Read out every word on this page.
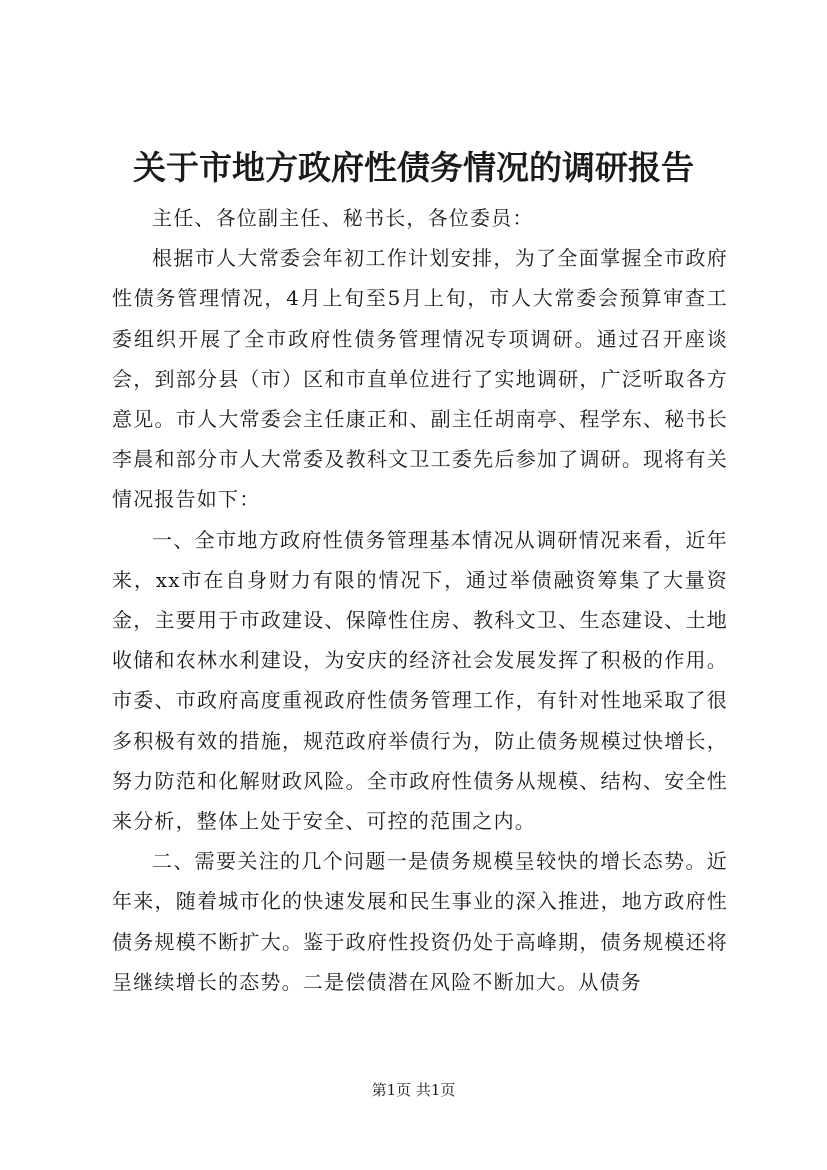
关于市地方政府性债务情况的调研报告

主任、各位副主任、秘书长，各位委员：

根据市人大常委会年初工作计划安排，为了全面掌握全市政府性债务管理情况，4月上旬至5月上旬，市人大常委会预算审查工委组织开展了全市政府性债务管理情况专项调研。通过召开座谈会，到部分县（市）区和市直单位进行了实地调研，广泛听取各方意见。市人大常委会主任康正和、副主任胡南亭、程学东、秘书长李晨和部分市人大常委及教科文卫工委先后参加了调研。现将有关情况报告如下：

一、全市地方政府性债务管理基本情况从调研情况来看，近年来，xx市在自身财力有限的情况下，通过举债融资筹集了大量资金，主要用于市政建设、保障性住房、教科文卫、生态建设、土地收储和农林水利建设，为安庆的经济社会发展发挥了积极的作用。市委、市政府高度重视政府性债务管理工作，有针对性地采取了很多积极有效的措施，规范政府举债行为，防止债务规模过快增长，努力防范和化解财政风险。全市政府性债务从规模、结构、安全性来分析，整体上处于安全、可控的范围之内。

二、需要关注的几个问题一是债务规模呈较快的增长态势。近年来，随着城市化的快速发展和民生事业的深入推进，地方政府性债务规模不断扩大。鉴于政府性投资仍处于高峰期，债务规模还将呈继续增长的态势。二是偿债潜在风险不断加大。从债务

第1页 共1页
